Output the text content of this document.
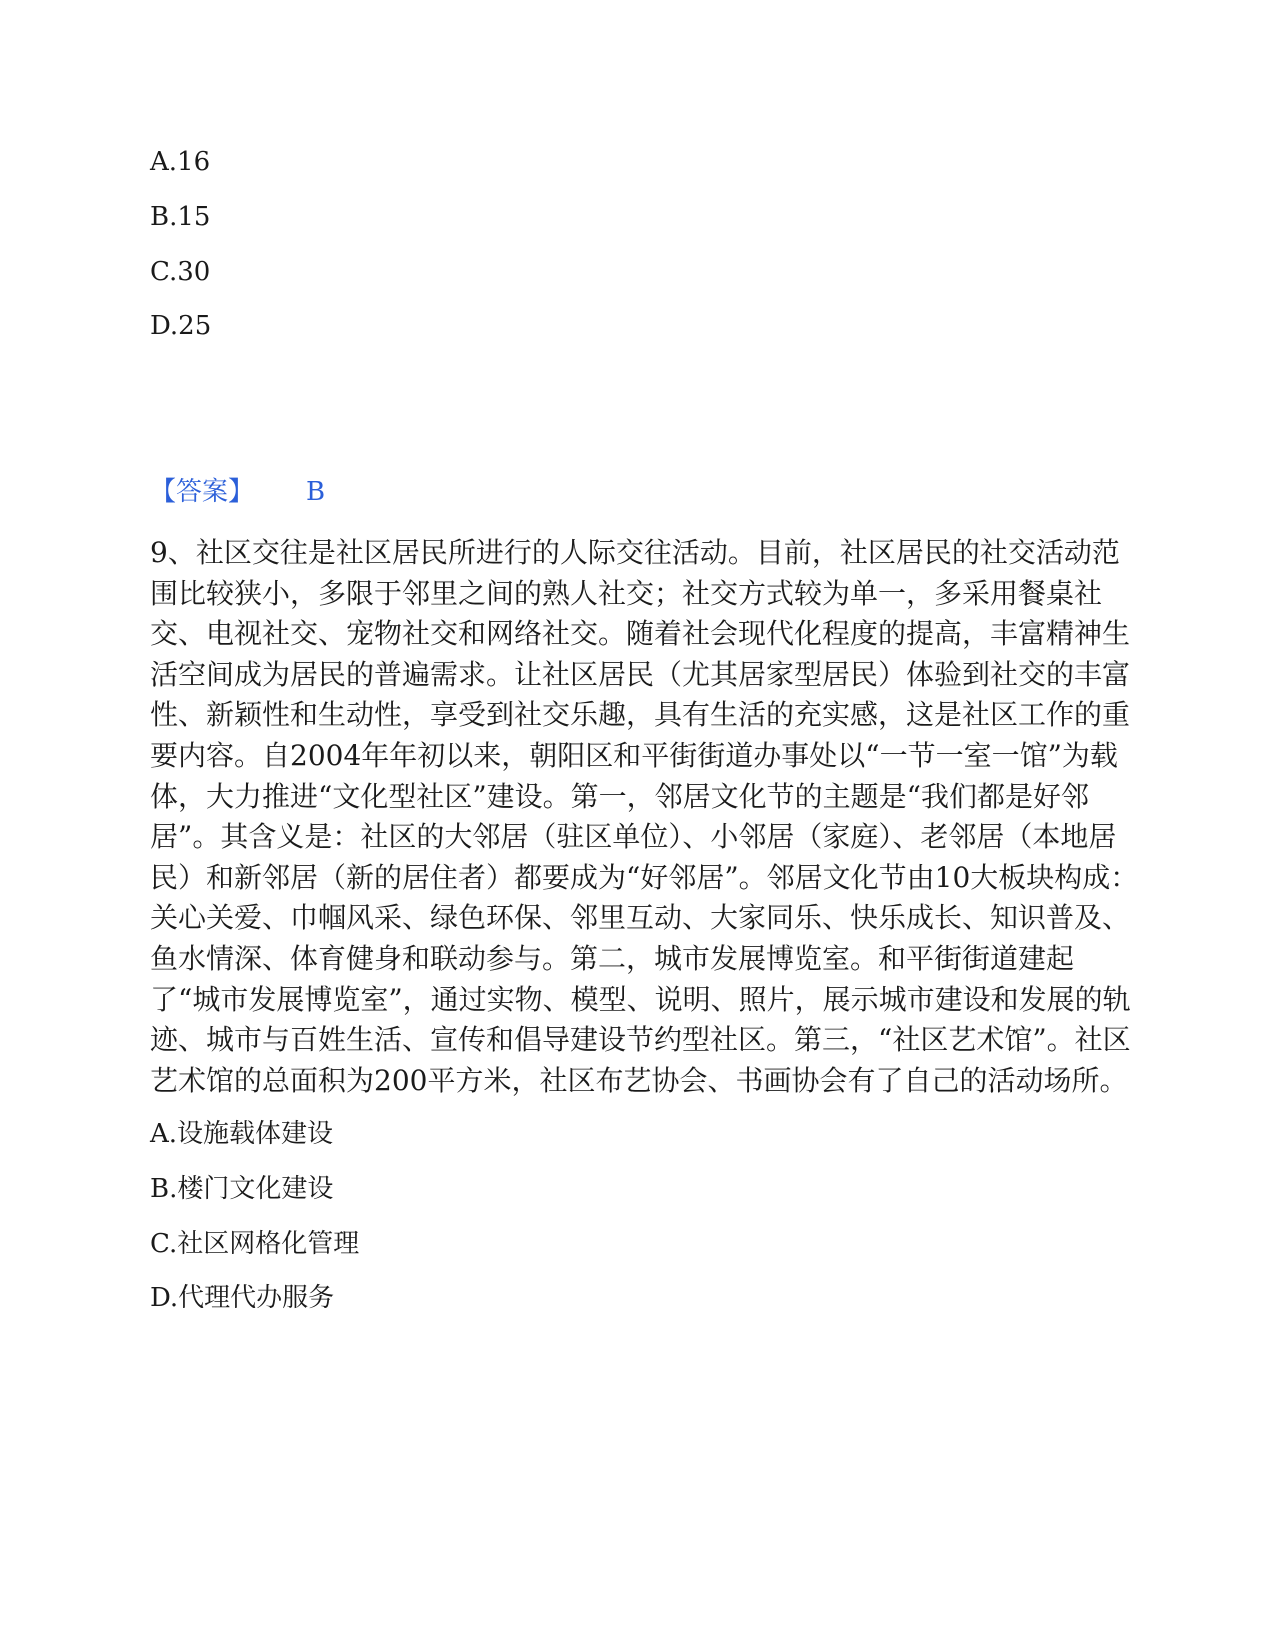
A.16
B.15
C.30
D.25
【答案】 B

9、社区交往是社区居民所进行的人际交往活动。目前，社区居民的社交活动范围比较狭小，多限于邻里之间的熟人社交；社交方式较为单一，多采用餐桌社交、电视社交、宠物社交和网络社交。随着社会现代化程度的提高，丰富精神生活空间成为居民的普遍需求。让社区居民（尤其居家型居民）体验到社交的丰富性、新颖性和生动性，享受到社交乐趣，具有生活的充实感，这是社区工作的重要内容。自2004年年初以来，朝阳区和平街街道办事处以“一节一室一馆”为载体，大力推进“文化型社区”建设。第一，邻居文化节的主题是“我们都是好邻居”。其含义是：社区的大邻居（驻区单位）、小邻居（家庭）、老邻居（本地居民）和新邻居（新的居住者）都要成为“好邻居”。邻居文化节由10大板块构成：关心关爱、巾帼风采、绿色环保、邻里互动、大家同乐、快乐成长、知识普及、鱼水情深、体育健身和联动参与。第二，城市发展博览室。和平街街道建起了“城市发展博览室”，通过实物、模型、说明、照片，展示城市建设和发展的轨迹、城市与百姓生活、宣传和倡导建设节约型社区。第三，“社区艺术馆”。社区艺术馆的总面积为200平方米，社区布艺协会、书画协会有了自己的活动场所。

A.设施载体建设
B.楼门文化建设
C.社区网格化管理
D.代理代办服务
